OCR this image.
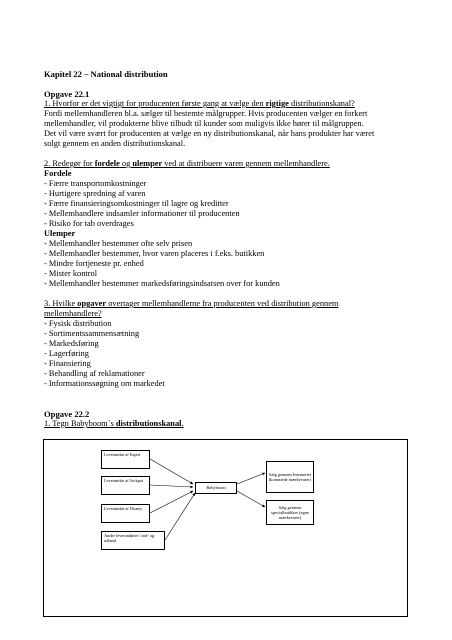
Kapitel 22 – National distribution
Opgave 22.1
1. Hvorfor er det vigtigt for producenten første gang at vælge den rigtige distributionskanal?
Fordi mellemhandleren bl.a. sælger til bestemte målgrupper. Hvis producenten vælger en forkert
mellemhandler, vil produkterne blive tilbudt til kunder som muligvis ikke hører til målgruppen.
Det vil være svært for producenten at vælge en ny distributionskanal, når hans produkter har været
solgt gennem en anden distributionskanal.
2. Redegør for fordele og ulemper ved at distribuere varen gennem mellemhandlere.
Fordele
- Færre transportomkostninger
- Hurtigere spredning af varen
- Færre finansieringsomkostninger til lagre og kreditter
- Mellemhandlere indsamler informationer til producenten
- Risiko for tab overdrages
Ulemper
- Mellemhandler bestemmer ofte selv prisen
- Mellemhandler bestemmer, hvor varen placeres i f.eks. butikken
- Mindre fortjeneste pr. enhed
- Mister kontrol
- Mellemhandler bestemmer markedsføringsindsatsen over for kunden
3. Hvilke opgaver overtager mellemhandlerne fra producenten ved distribution gennem
mellemhandlere?
- Fysisk distribution
- Sortimentssammensætning
- Markedsføring
- Lagerføring
- Finansiering
- Behandling af reklamationer
- Informationssøgning om markedet
Opgave 22.2
1. Tegn Babyboom´s distributionskanal.
Leverandør af Esprit
Leverandør af Jackpot
Leverandør af Disney
Andre leverandører i ind- og udland
Babyboom
Salg gennem Internettet (kommede mærkevarer)
Salg gennem specialbutikker (egne mærkevarer)
